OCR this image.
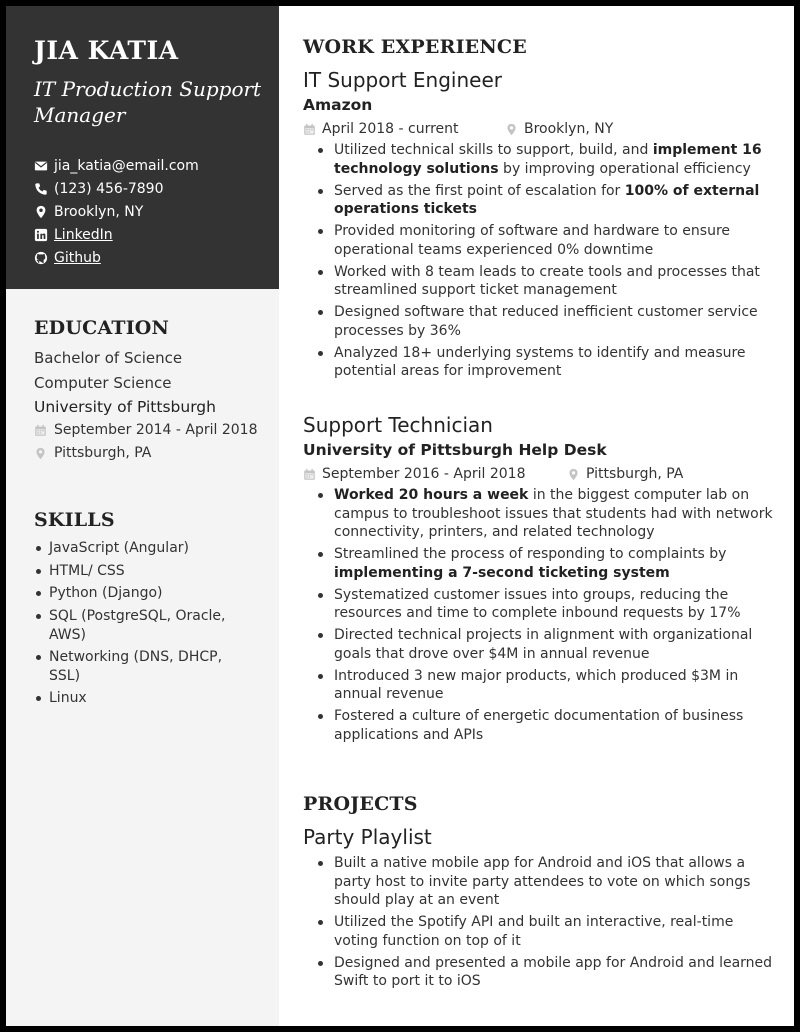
JIA KATIA
IT Production Support Manager
jia_katia@email.com
(123) 456-7890
Brooklyn, NY
LinkedIn
Github
EDUCATION
Bachelor of Science
Computer Science
University of Pittsburgh
September 2014 - April 2018
Pittsburgh, PA
SKILLS
JavaScript (Angular)
HTML/ CSS
Python (Django)
SQL (PostgreSQL, Oracle, AWS)
Networking (DNS, DHCP, SSL)
Linux
WORK EXPERIENCE
IT Support Engineer
Amazon
April 2018 - current	Brooklyn, NY
Utilized technical skills to support, build, and implement 16 technology solutions by improving operational efficiency
Served as the first point of escalation for 100% of external operations tickets
Provided monitoring of software and hardware to ensure operational teams experienced 0% downtime
Worked with 8 team leads to create tools and processes that streamlined support ticket management
Designed software that reduced inefficient customer service processes by 36%
Analyzed 18+ underlying systems to identify and measure potential areas for improvement
Support Technician
University of Pittsburgh Help Desk
September 2016 - April 2018	Pittsburgh, PA
Worked 20 hours a week in the biggest computer lab on campus to troubleshoot issues that students had with network connectivity, printers, and related technology
Streamlined the process of responding to complaints by implementing a 7-second ticketing system
Systematized customer issues into groups, reducing the resources and time to complete inbound requests by 17%
Directed technical projects in alignment with organizational goals that drove over $4M in annual revenue
Introduced 3 new major products, which produced $3M in annual revenue
Fostered a culture of energetic documentation of business applications and APIs
PROJECTS
Party Playlist
Built a native mobile app for Android and iOS that allows a party host to invite party attendees to vote on which songs should play at an event
Utilized the Spotify API and built an interactive, real-time voting function on top of it
Designed and presented a mobile app for Android and learned Swift to port it to iOS
